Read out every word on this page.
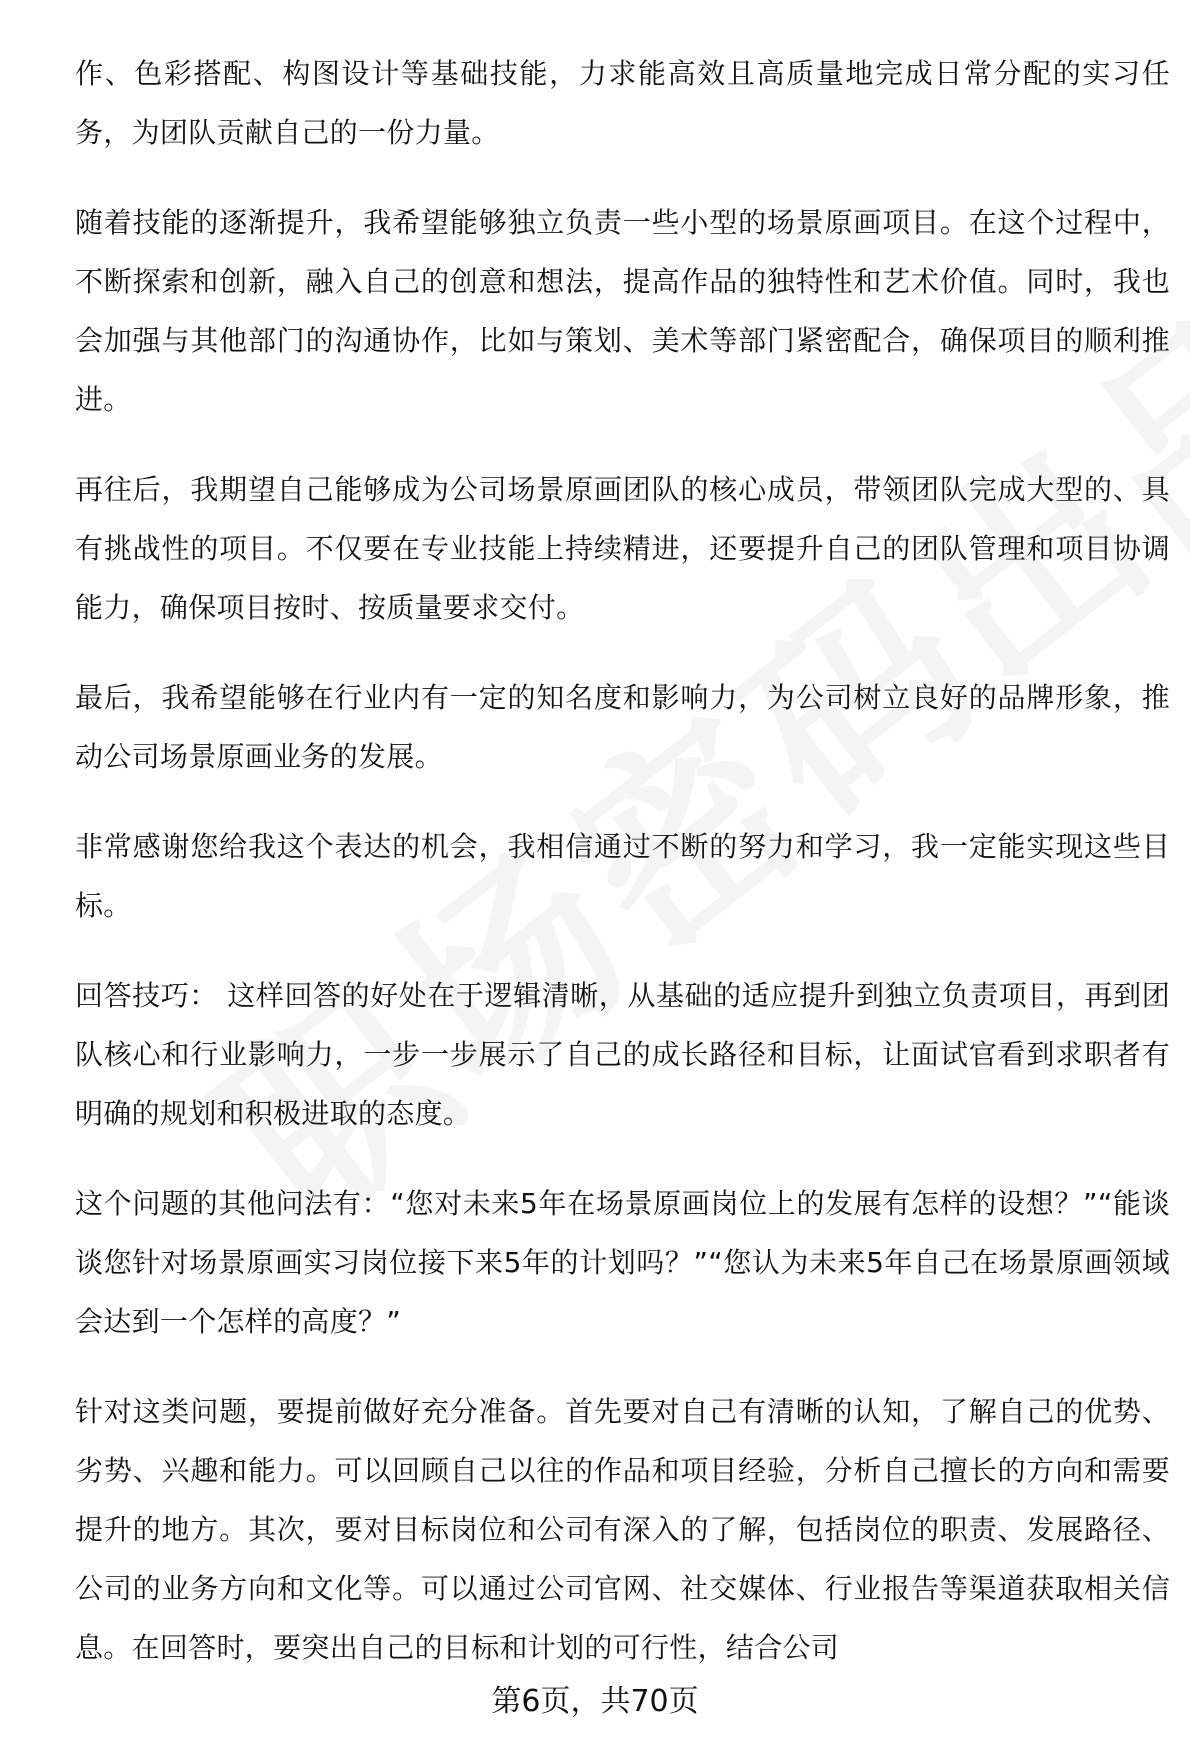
作、色彩搭配、构图设计等基础技能，力求能高效且高质量地完成日常分配的实习任务，为团队贡献自己的一份力量。

随着技能的逐渐提升，我希望能够独立负责一些小型的场景原画项目。在这个过程中，不断探索和创新，融入自己的创意和想法，提高作品的独特性和艺术价值。同时，我也会加强与其他部门的沟通协作，比如与策划、美术等部门紧密配合，确保项目的顺利推进。

再往后，我期望自己能够成为公司场景原画团队的核心成员，带领团队完成大型的、具有挑战性的项目。不仅要在专业技能上持续精进，还要提升自己的团队管理和项目协调能力，确保项目按时、按质量要求交付。

最后，我希望能够在行业内有一定的知名度和影响力，为公司树立良好的品牌形象，推动公司场景原画业务的发展。

非常感谢您给我这个表达的机会，我相信通过不断的努力和学习，我一定能实现这些目标。

回答技巧： 这样回答的好处在于逻辑清晰，从基础的适应提升到独立负责项目，再到团队核心和行业影响力，一步一步展示了自己的成长路径和目标，让面试官看到求职者有明确的规划和积极进取的态度。

这个问题的其他问法有：“您对未来5年在场景原画岗位上的发展有怎样的设想？”“能谈谈您针对场景原画实习岗位接下来5年的计划吗？”“您认为未来5年自己在场景原画领域会达到一个怎样的高度？”

针对这类问题，要提前做好充分准备。首先要对自己有清晰的认知，了解自己的优势、劣势、兴趣和能力。可以回顾自己以往的作品和项目经验，分析自己擅长的方向和需要提升的地方。其次，要对目标岗位和公司有深入的了解，包括岗位的职责、发展路径、公司的业务方向和文化等。可以通过公司官网、社交媒体、行业报告等渠道获取相关信息。在回答时，要突出自己的目标和计划的可行性，结合公司

第6页，共70页
